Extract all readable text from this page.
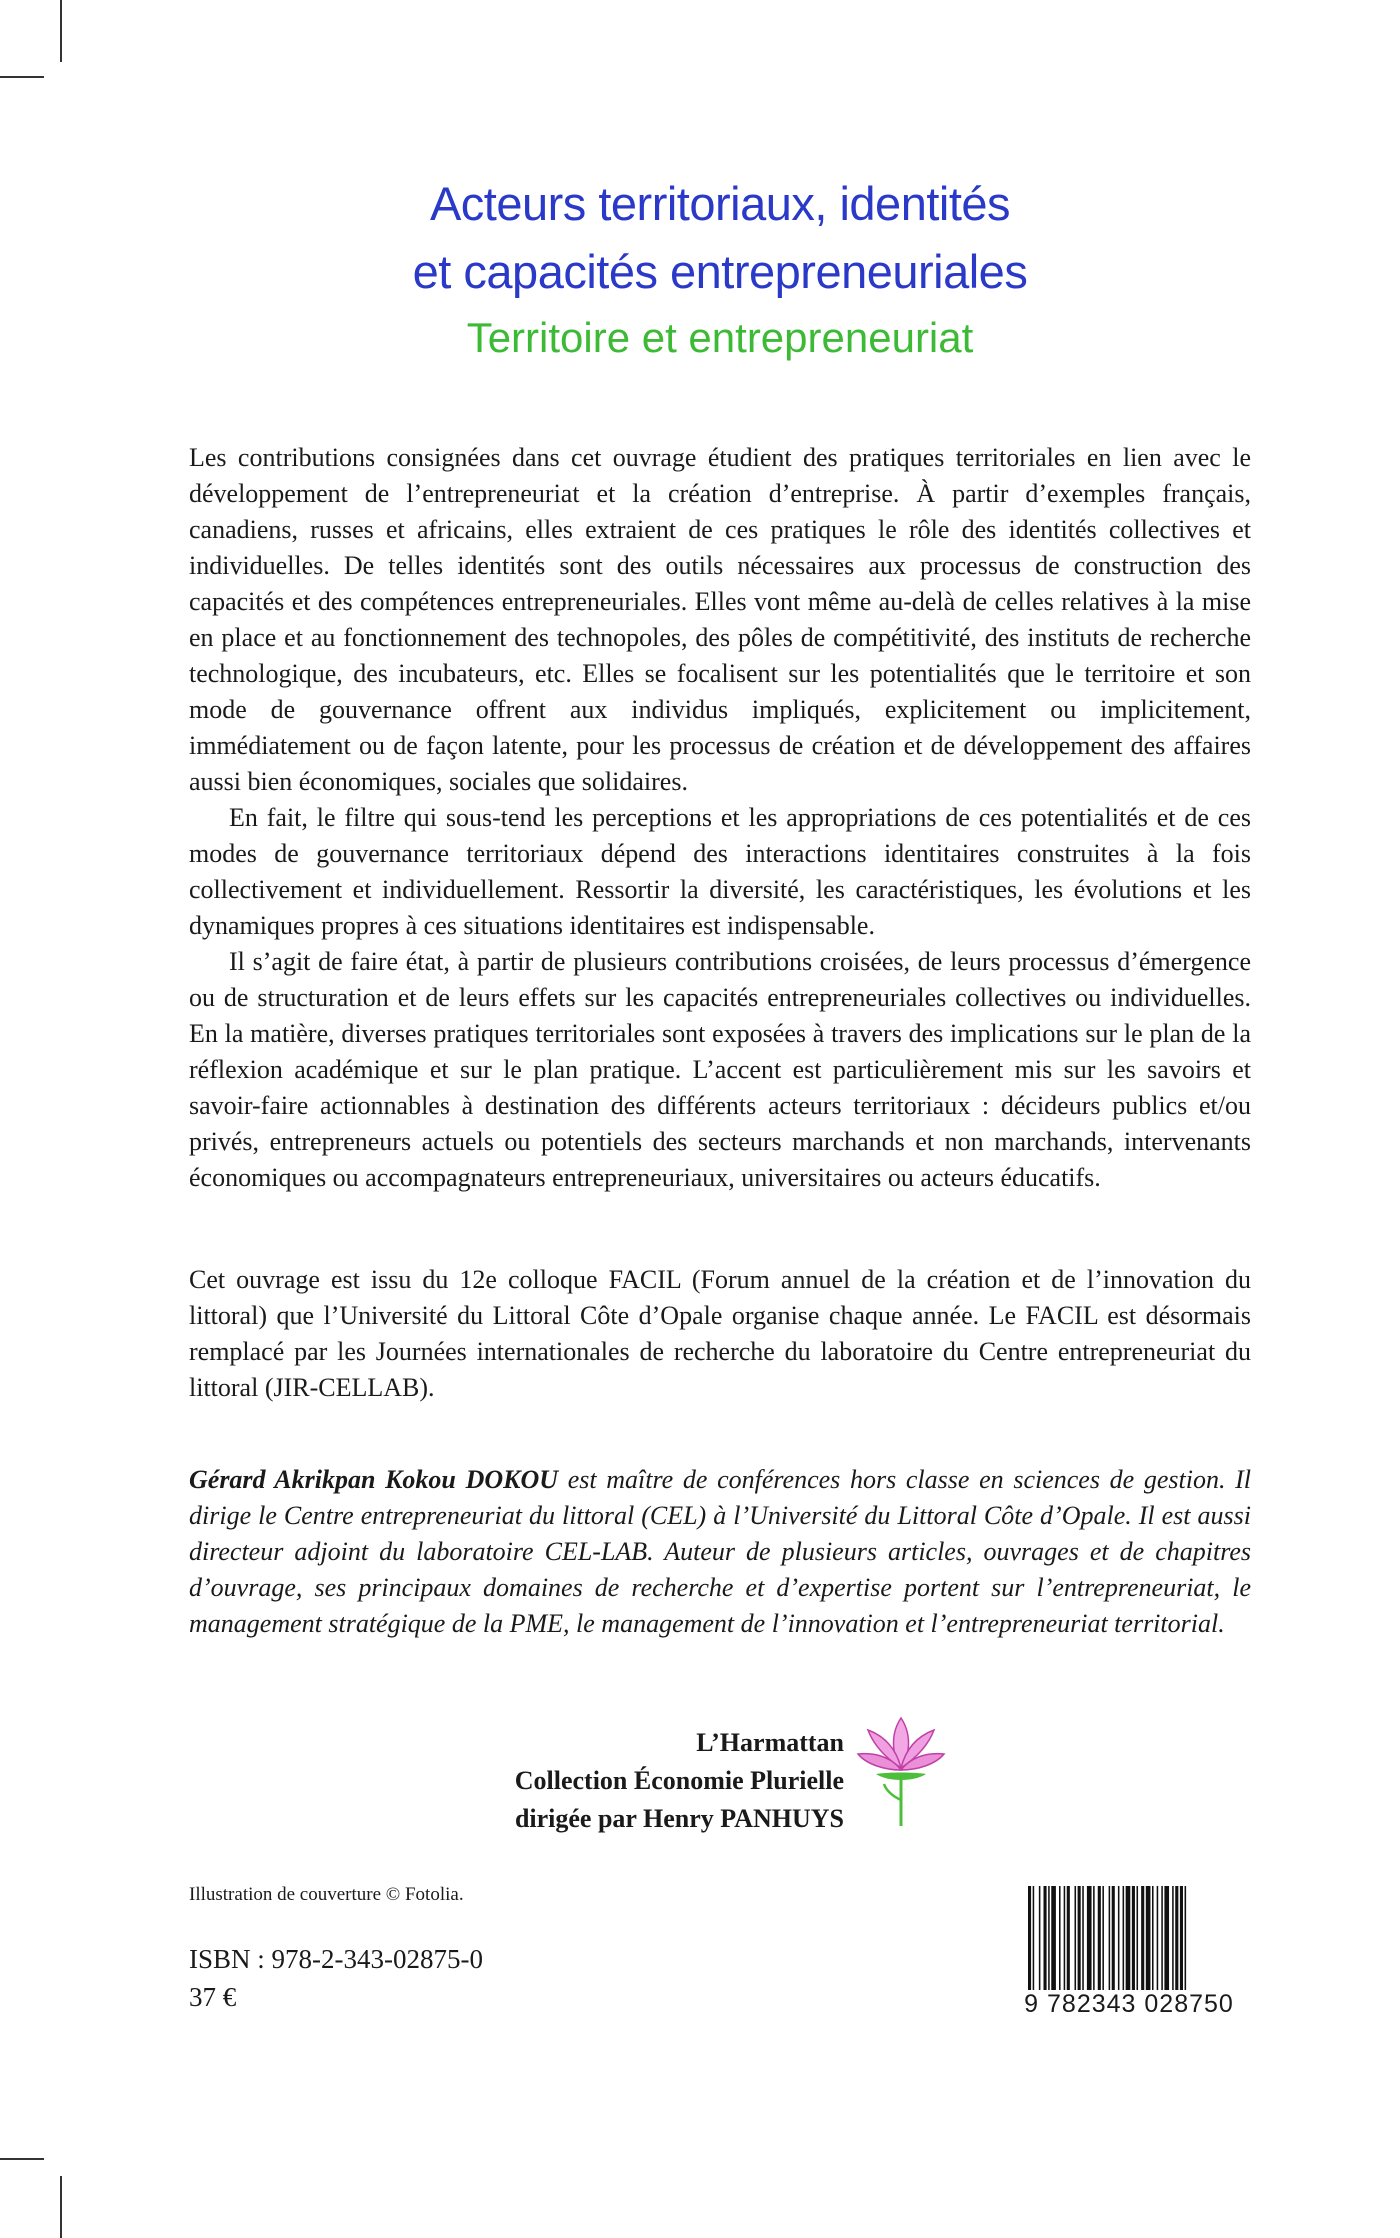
Acteurs territoriaux, identités
et capacités entrepreneuriales
Territoire et entrepreneuriat

Les contributions consignées dans cet ouvrage étudient des pratiques territoriales en lien avec le développement de l’entrepreneuriat et la création d’entreprise. À partir d’exemples français, canadiens, russes et africains, elles extraient de ces pratiques le rôle des identités collectives et individuelles. De telles identités sont des outils nécessaires aux processus de construction des capacités et des compétences entrepreneuriales. Elles vont même au-delà de celles relatives à la mise en place et au fonctionnement des technopoles, des pôles de compétitivité, des instituts de recherche technologique, des incubateurs, etc. Elles se focalisent sur les potentialités que le territoire et son mode de gouvernance offrent aux individus impliqués, explicitement ou implicitement, immédiatement ou de façon latente, pour les processus de création et de développement des affaires aussi bien économiques, sociales que solidaires.

En fait, le filtre qui sous-tend les perceptions et les appropriations de ces potentialités et de ces modes de gouvernance territoriaux dépend des interactions identitaires construites à la fois collectivement et individuellement. Ressortir la diversité, les caractéristiques, les évolutions et les dynamiques propres à ces situations identitaires est indispensable.

Il s’agit de faire état, à partir de plusieurs contributions croisées, de leurs processus d’émergence ou de structuration et de leurs effets sur les capacités entrepreneuriales collectives ou individuelles. En la matière, diverses pratiques territoriales sont exposées à travers des implications sur le plan de la réflexion académique et sur le plan pratique. L’accent est particulièrement mis sur les savoirs et savoir-faire actionnables à destination des différents acteurs territoriaux : décideurs publics et/ou privés, entrepreneurs actuels ou potentiels des secteurs marchands et non marchands, intervenants économiques ou accompagnateurs entrepreneuriaux, universitaires ou acteurs éducatifs.

Cet ouvrage est issu du 12e colloque FACIL (Forum annuel de la création et de l’innovation du littoral) que l’Université du Littoral Côte d’Opale organise chaque année. Le FACIL est désormais remplacé par les Journées internationales de recherche du laboratoire du Centre entrepreneuriat du littoral (JIR-CELLAB).

Gérard Akrikpan Kokou DOKOU est maître de conférences hors classe en sciences de gestion. Il dirige le Centre entrepreneuriat du littoral (CEL) à l’Université du Littoral Côte d’Opale. Il est aussi directeur adjoint du laboratoire CEL-LAB. Auteur de plusieurs articles, ouvrages et de chapitres d’ouvrage, ses principaux domaines de recherche et d’expertise portent sur l’entrepreneuriat, le management stratégique de la PME, le management de l’innovation et l’entrepreneuriat territorial.

L’Harmattan
Collection Économie Plurielle
dirigée par Henry PANHUYS
Illustration de couverture © Fotolia.
ISBN : 978-2-343-02875-0
37 €	9 782343 028750
